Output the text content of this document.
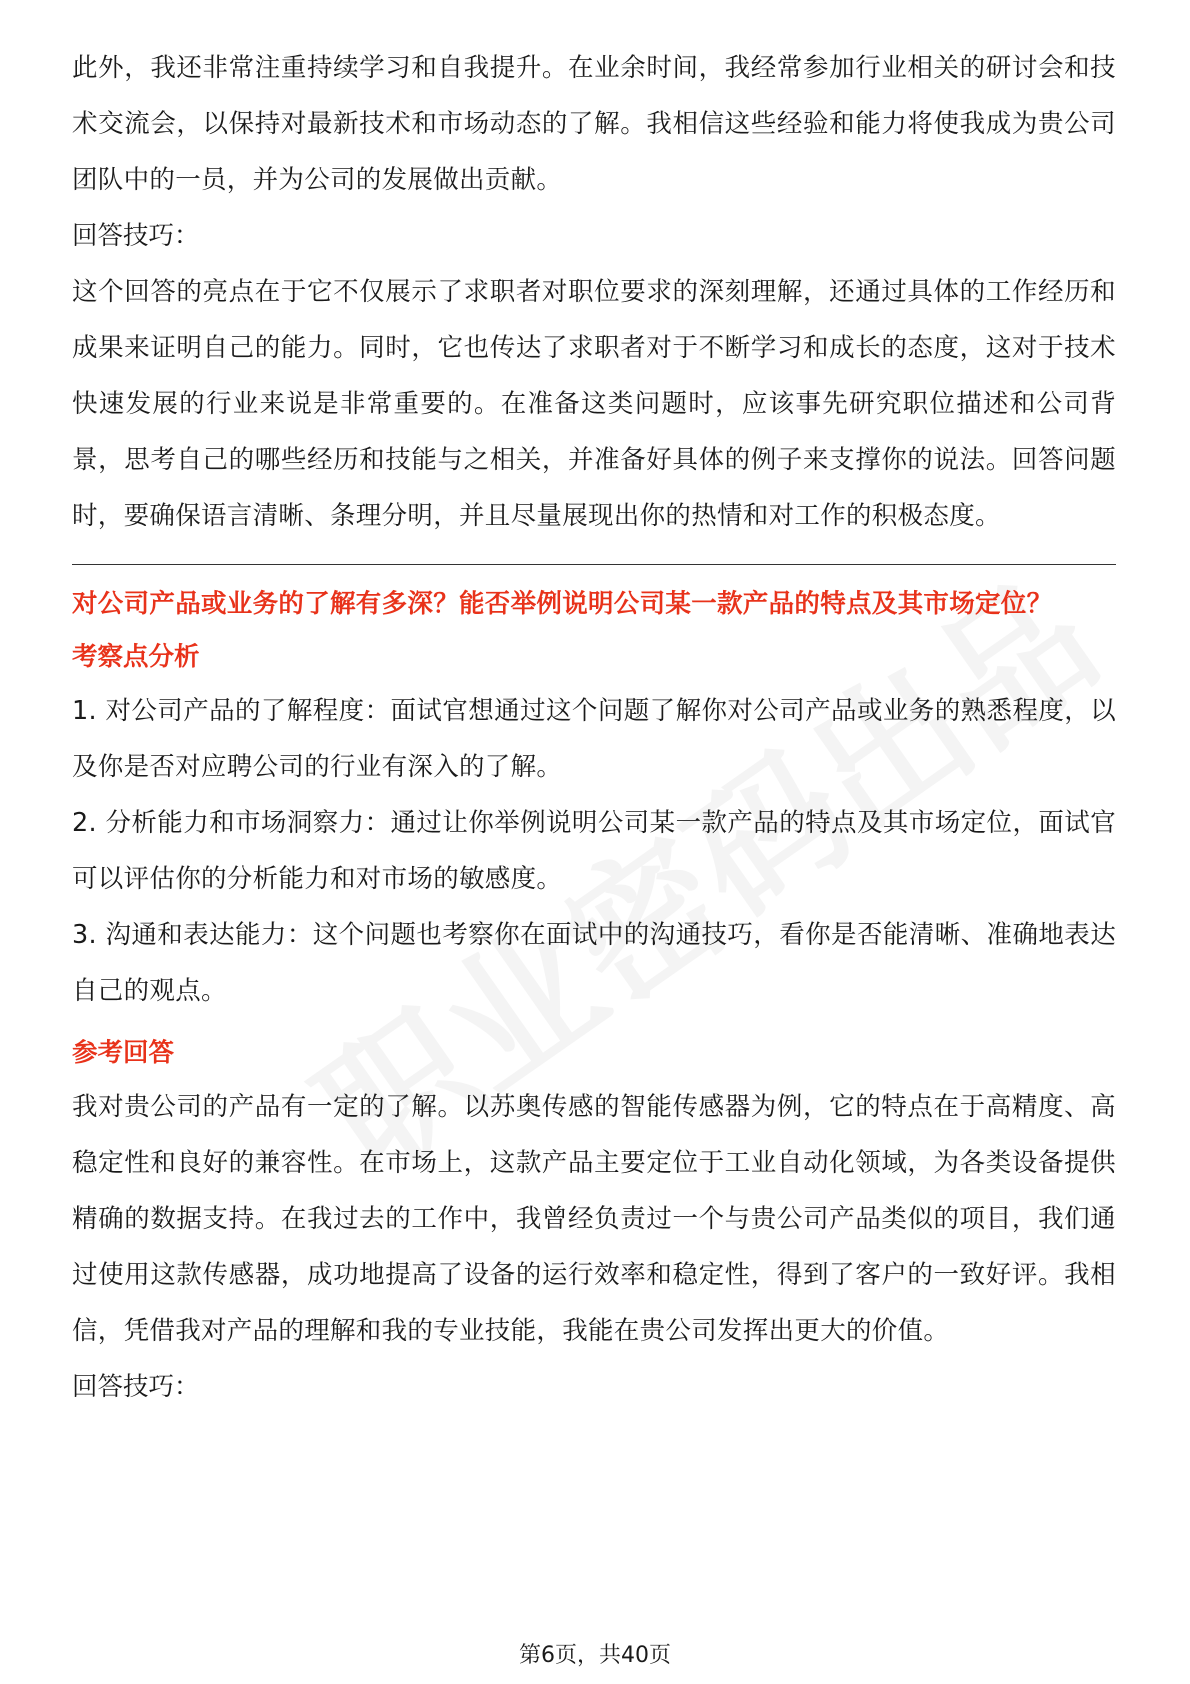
此外，我还非常注重持续学习和自我提升。在业余时间，我经常参加行业相关的研讨会和技术交流会，以保持对最新技术和市场动态的了解。我相信这些经验和能力将使我成为贵公司团队中的一员，并为公司的发展做出贡献。

回答技巧：

这个回答的亮点在于它不仅展示了求职者对职位要求的深刻理解，还通过具体的工作经历和成果来证明自己的能力。同时，它也传达了求职者对于不断学习和成长的态度，这对于技术快速发展的行业来说是非常重要的。在准备这类问题时，应该事先研究职位描述和公司背景，思考自己的哪些经历和技能与之相关，并准备好具体的例子来支撑你的说法。回答问题时，要确保语言清晰、条理分明，并且尽量展现出你的热情和对工作的积极态度。

对公司产品或业务的了解有多深？能否举例说明公司某一款产品的特点及其市场定位？

考察点分析

1. 对公司产品的了解程度：面试官想通过这个问题了解你对公司产品或业务的熟悉程度，以及你是否对应聘公司的行业有深入的了解。

2. 分析能力和市场洞察力：通过让你举例说明公司某一款产品的特点及其市场定位，面试官可以评估你的分析能力和对市场的敏感度。

3. 沟通和表达能力：这个问题也考察你在面试中的沟通技巧，看你是否能清晰、准确地表达自己的观点。

参考回答

我对贵公司的产品有一定的了解。以苏奥传感的智能传感器为例，它的特点在于高精度、高稳定性和良好的兼容性。在市场上，这款产品主要定位于工业自动化领域，为各类设备提供精确的数据支持。在我过去的工作中，我曾经负责过一个与贵公司产品类似的项目，我们通过使用这款传感器，成功地提高了设备的运行效率和稳定性，得到了客户的一致好评。我相信，凭借我对产品的理解和我的专业技能，我能在贵公司发挥出更大的价值。

回答技巧：

第6页，共40页
